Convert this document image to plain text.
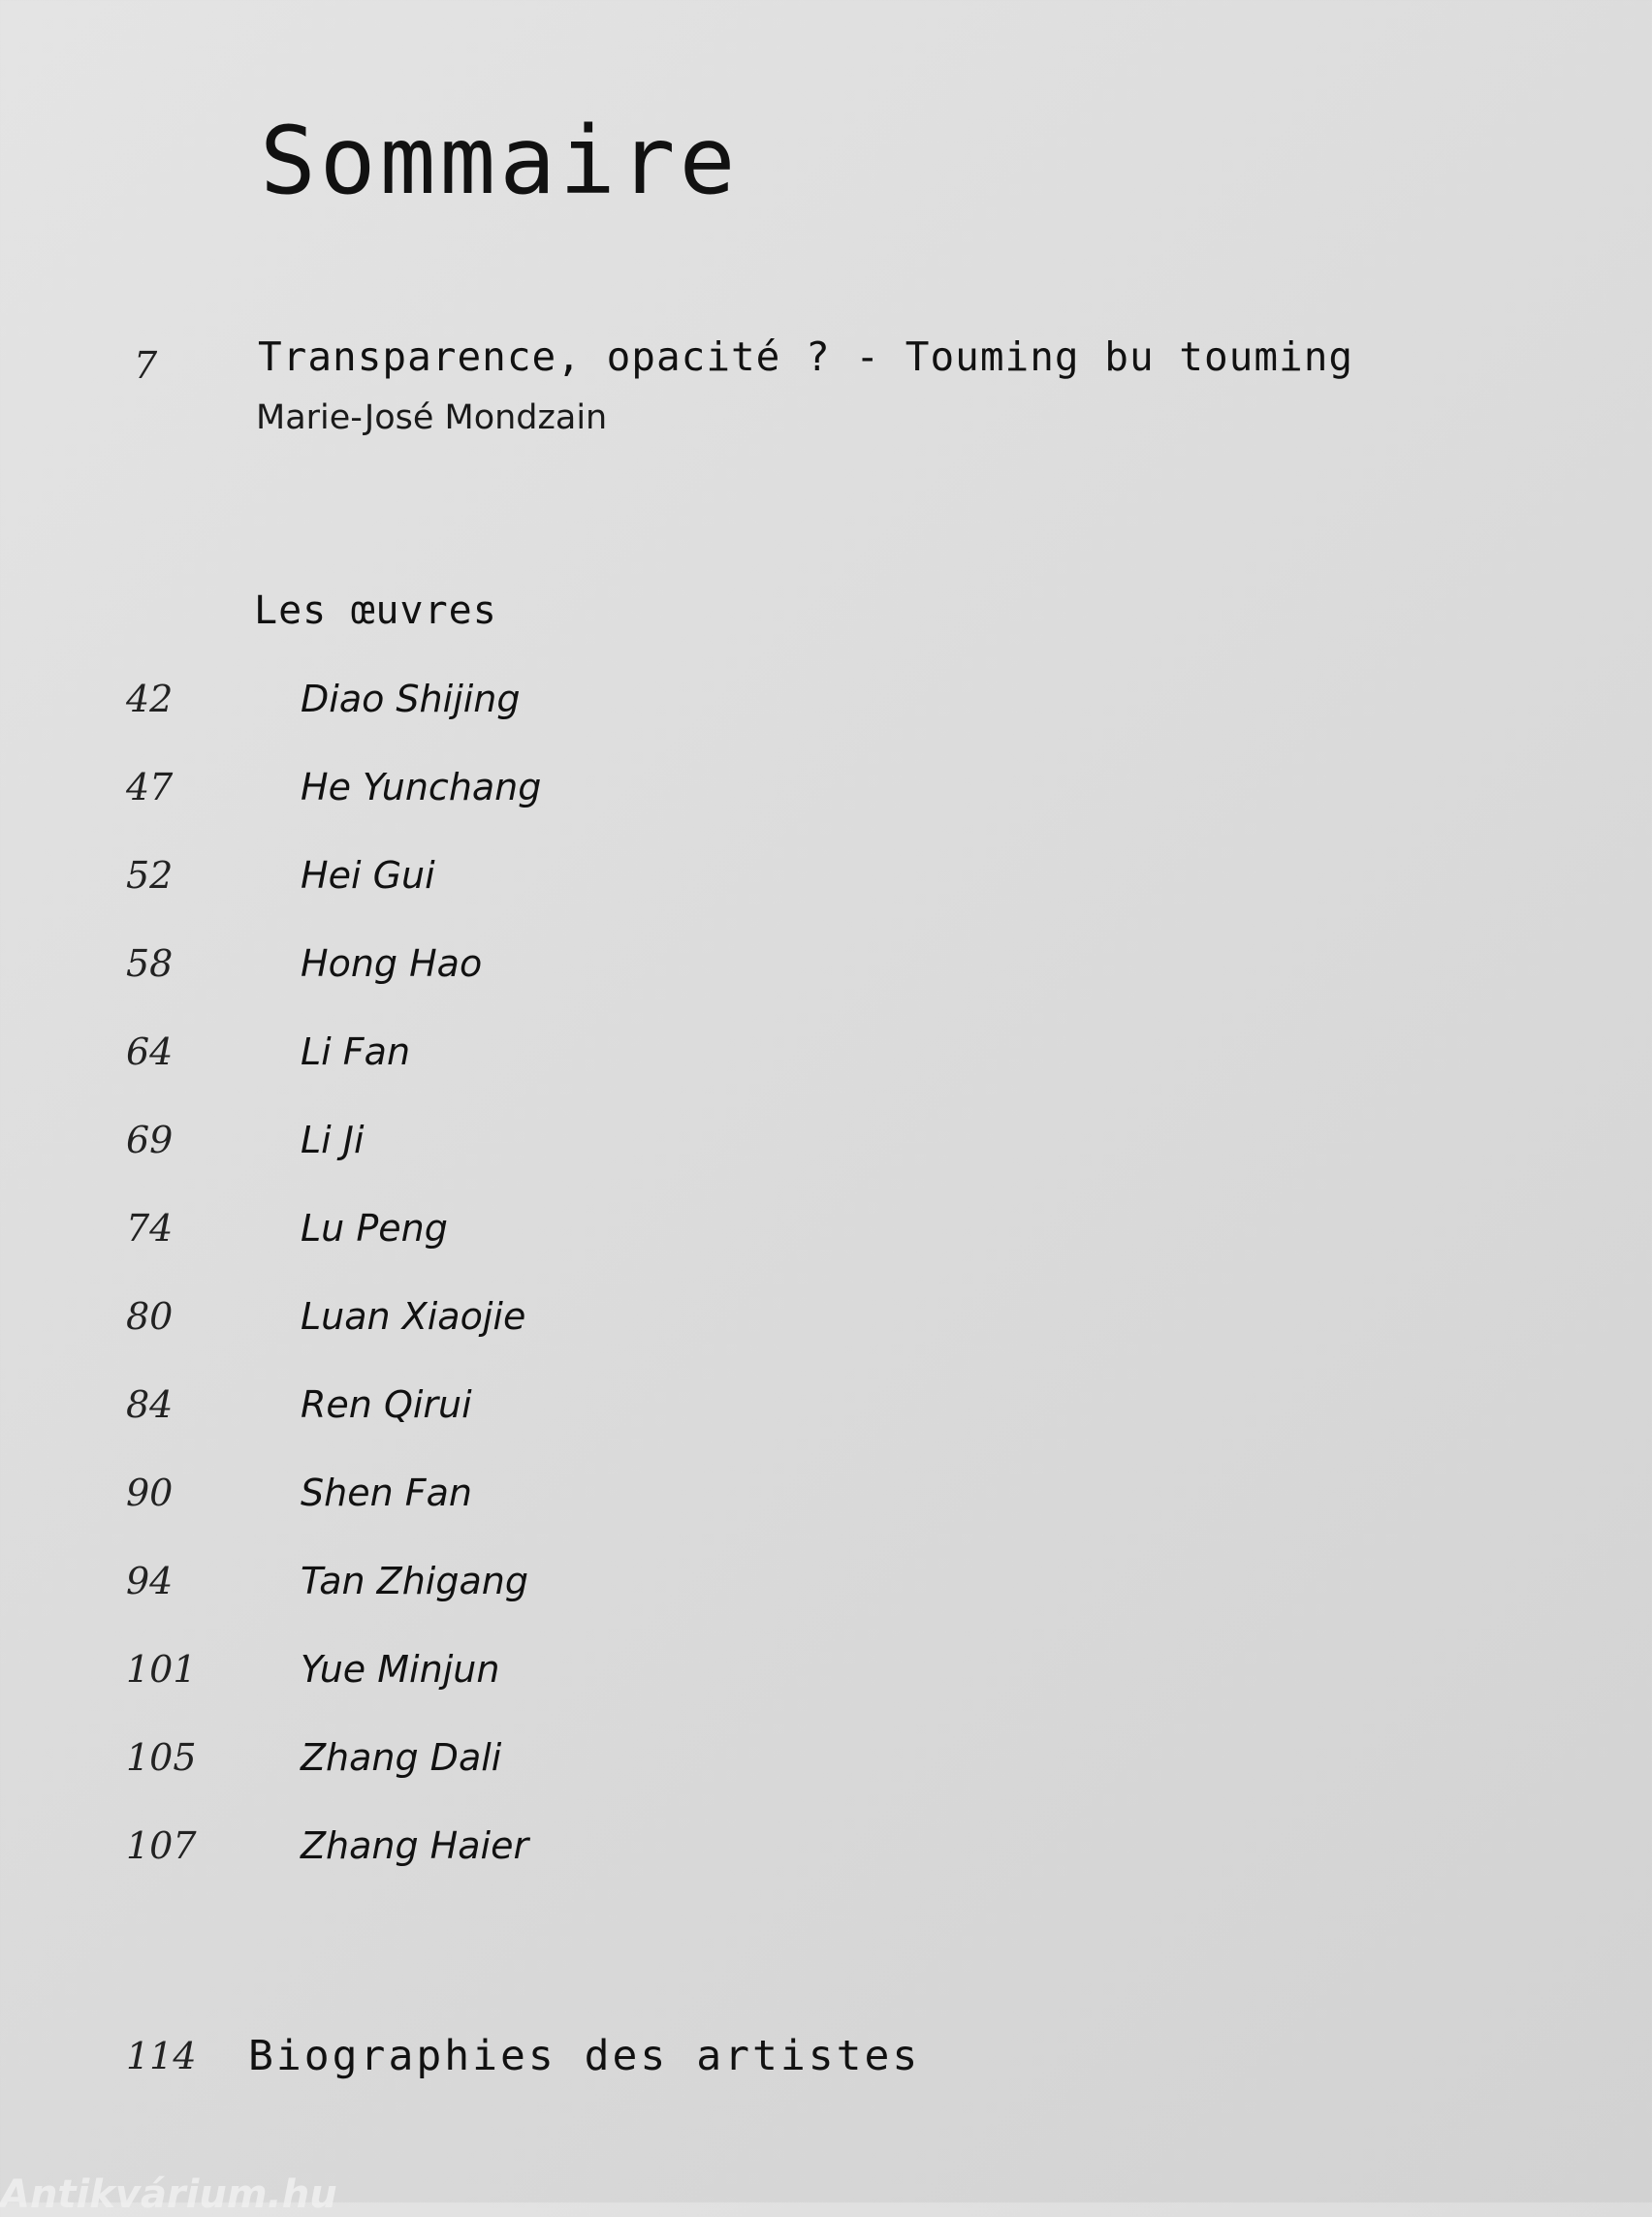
Sommaire
7	Transparence, opacité ? - Touming bu touming
Marie-José Mondzain
Les œuvres
42	Diao Shijing
47	He Yunchang
52	Hei Gui
58	Hong Hao
64	Li Fan
69	Li Ji
74	Lu Peng
80	Luan Xiaojie
84	Ren Qirui
90	Shen Fan
94	Tan Zhigang
101	Yue Minjun
105	Zhang Dali
107	Zhang Haier
114 Biographies des artistes
Antikvárium.hu
